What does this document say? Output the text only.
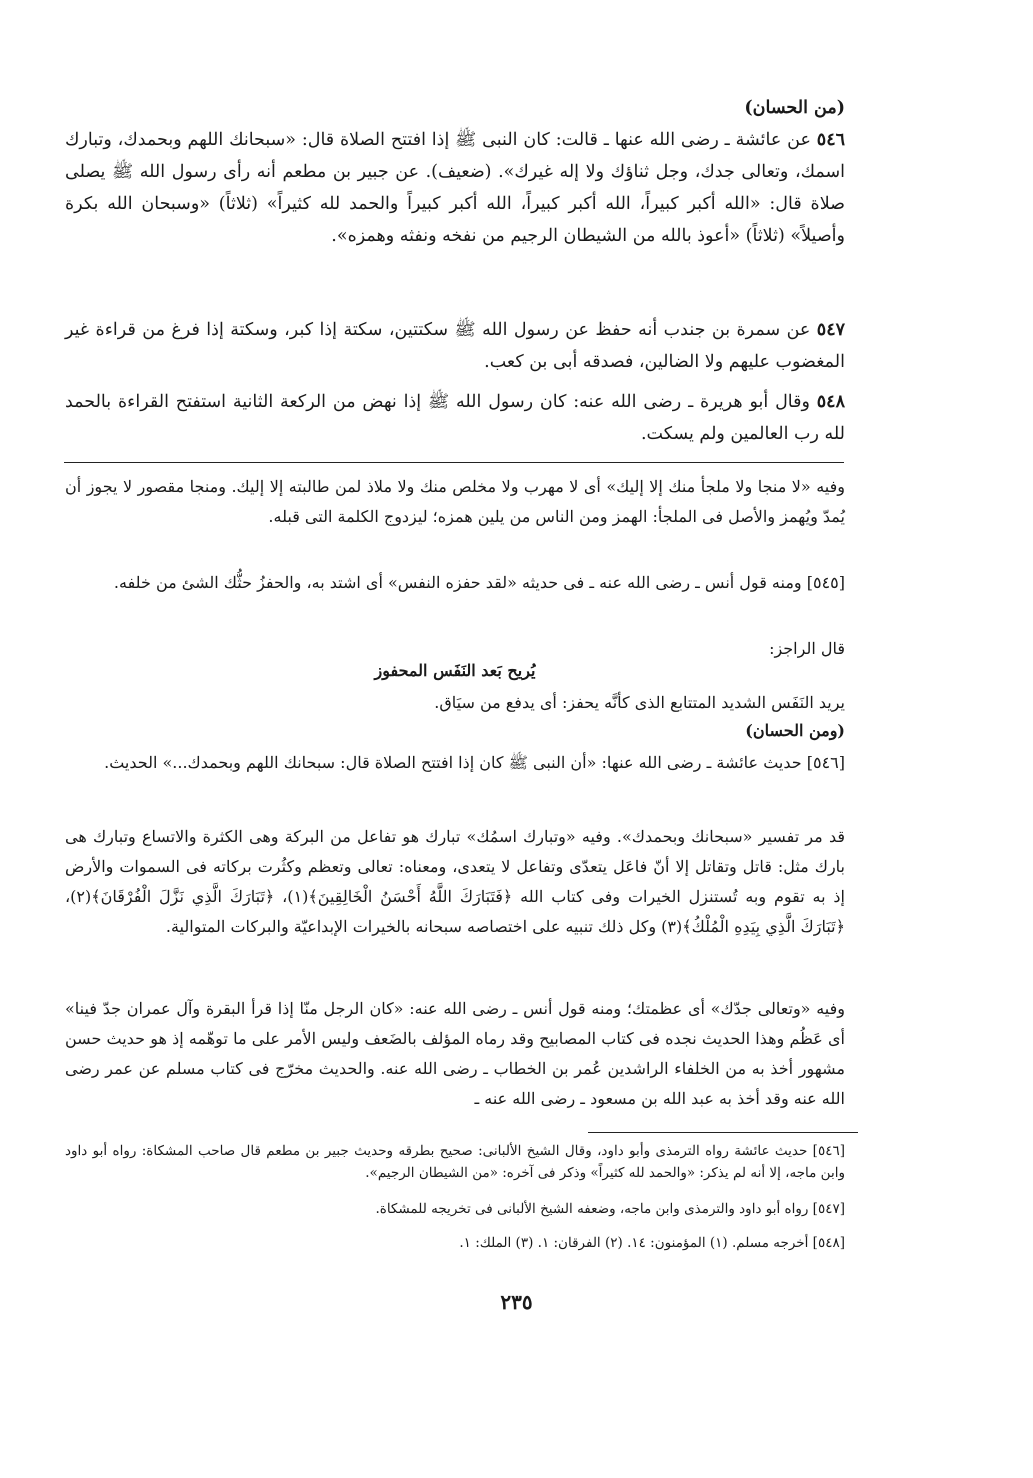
(من الحسان)
٥٤٦ عن عائشة ـ رضى الله عنها ـ قالت: كان النبى ﷺ إذا افتتح الصلاة قال: «سبحانك اللهم وبحمدك، وتبارك اسمك، وتعالى جدك، وجل ثناؤك ولا إله غيرك». (ضعيف). عن جبير بن مطعم أنه رأى رسول الله ﷺ يصلى صلاة قال: «الله أكبر كبيراً، الله أكبر كبيراً، الله أكبر كبيراً والحمد لله كثيراً» (ثلاثاً) «وسبحان الله بكرة وأصيلاً» (ثلاثاً) «أعوذ بالله من الشيطان الرجيم من نفخه ونفثه وهمزه».
٥٤٧ عن سمرة بن جندب أنه حفظ عن رسول الله ﷺ سكتتين، سكتة إذا كبر، وسكتة إذا فرغ من قراءة غير المغضوب عليهم ولا الضالين، فصدقه أبى بن كعب.
٥٤٨ وقال أبو هريرة ـ رضى الله عنه: كان رسول الله ﷺ إذا نهض من الركعة الثانية استفتح القراءة بالحمد لله رب العالمين ولم يسكت.
وفيه «لا منجا ولا ملجأ منك إلا إليك» أى لا مهرب ولا مخلص منك ولا ملاذ لمن طالبته إلا إليك. ومنجا مقصور لا يجوز أن يُمدّ ويُهمز والأصل فى الملجأ: الهمز ومن الناس من يلين همزه؛ ليزدوج الكلمة التى قبله.
[٥٤٥] ومنه قول أنس ـ رضى الله عنه ـ فى حديثه «لقد حفزه النفس» أى اشتد به، والحفزُ حثُّك الشئ من خلفه.
قال الراجز:
يُريح بَعد النَفَس المحفوز
يريد النَفَس الشديد المتتابع الذى كأنَّه يحفز: أى يدفع من سيَاق.
(ومن الحسان)
[٥٤٦] حديث عائشة ـ رضى الله عنها: «أن النبى ﷺ كان إذا افتتح الصلاة قال: سبحانك اللهم وبحمدك...» الحديث.
قد مر تفسير «سبحانك وبحمدك». وفيه «وتبارك اسمُك» تبارك هو تفاعل من البركة وهى الكثرة والاتساع وتبارك هى بارك مثل: قاتل وتقاتل إلا أنّ فاعَل يتعدّى وتفاعل لا يتعدى، ومعناه: تعالى وتعظم وكثُرت بركاته فى السموات والأرض إذ به تقوم وبه تُستنزل الخيرات وفى كتاب الله ﴿فَتَبَارَكَ اللَّهُ أَحْسَنُ الْخَالِقِينَ﴾(١)، ﴿تَبَارَكَ الَّذِي نَزَّلَ الْفُرْقَانَ﴾(٢)، ﴿تَبَارَكَ الَّذِي بِيَدِهِ الْمُلْكُ﴾(٣) وكل ذلك تنبيه على اختصاصه سبحانه بالخيرات الإبداعيّة والبركات المتوالية.
وفيه «وتعالى جدّك» أى عظمتك؛ ومنه قول أنس ـ رضى الله عنه: «كان الرجل منّا إذا قرأ البقرة وآل عمران جدّ فينا» أى عَظُم وهذا الحديث نجده فى كتاب المصابيح وقد رماه المؤلف بالضَعف وليس الأمر على ما توهّمه إذ هو حديث حسن مشهور أخذ به من الخلفاء الراشدين عُمر بن الخطاب ـ رضى الله عنه. والحديث مخرّج فى كتاب مسلم عن عمر رضى الله عنه وقد أخذ به عبد الله بن مسعود ـ رضى الله عنه ـ
[٥٤٦] حديث عائشة رواه الترمذى وأبو داود، وقال الشيخ الألبانى: صحيح بطرقه وحديث جبير بن مطعم قال صاحب المشكاة: رواه أبو داود وابن ماجه، إلا أنه لم يذكر: «والحمد لله كثيراً» وذكر فى آخره: «من الشيطان الرجيم».
[٥٤٧] رواه أبو داود والترمذى وابن ماجه، وضعفه الشيخ الألبانى فى تخريجه للمشكاة.
[٥٤٨] أخرجه مسلم. (١) المؤمنون: ١٤. (٢) الفرقان: ١. (٣) الملك: ١.
٢٣٥
